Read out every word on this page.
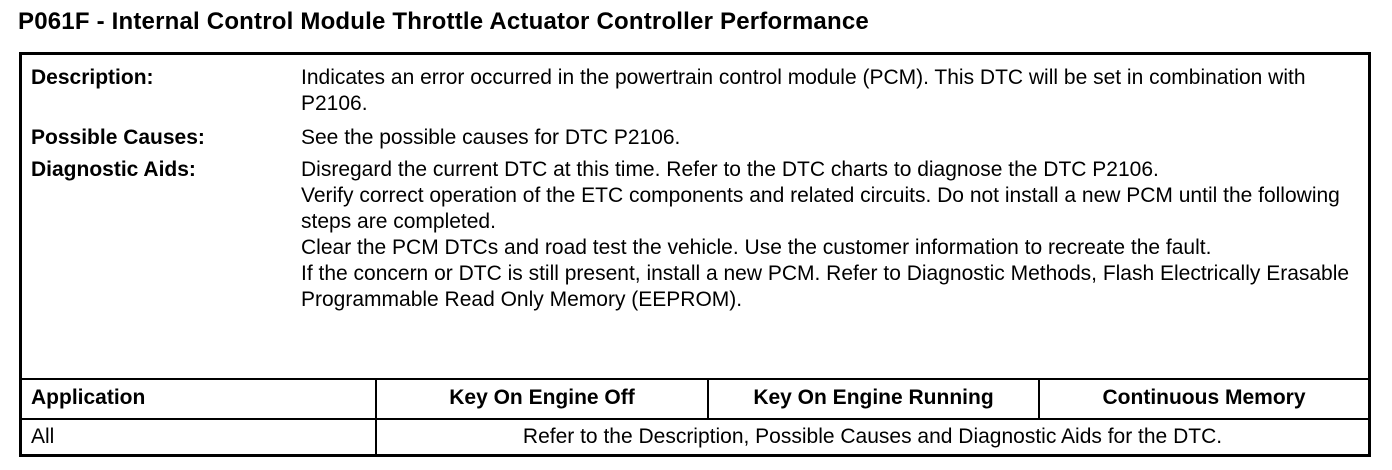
P061F - Internal Control Module Throttle Actuator Controller Performance
Description:	Indicates an error occurred in the powertrain control module (PCM). This DTC will be set in combination with P2106.

Possible Causes:	See the possible causes for DTC P2106.

Diagnostic Aids:	Disregard the current DTC at this time. Refer to the DTC charts to diagnose the DTC P2106.

Verify correct operation of the ETC components and related circuits. Do not install a new PCM until the following steps are completed.

Clear the PCM DTCs and road test the vehicle. Use the customer information to recreate the fault.

If the concern or DTC is still present, install a new PCM. Refer to Diagnostic Methods, Flash Electrically Erasable Programmable Read Only Memory (EEPROM).

Application	Key On Engine Off	Key On Engine Running	Continuous Memory
All	Refer to the Description, Possible Causes and Diagnostic Aids for the DTC.
